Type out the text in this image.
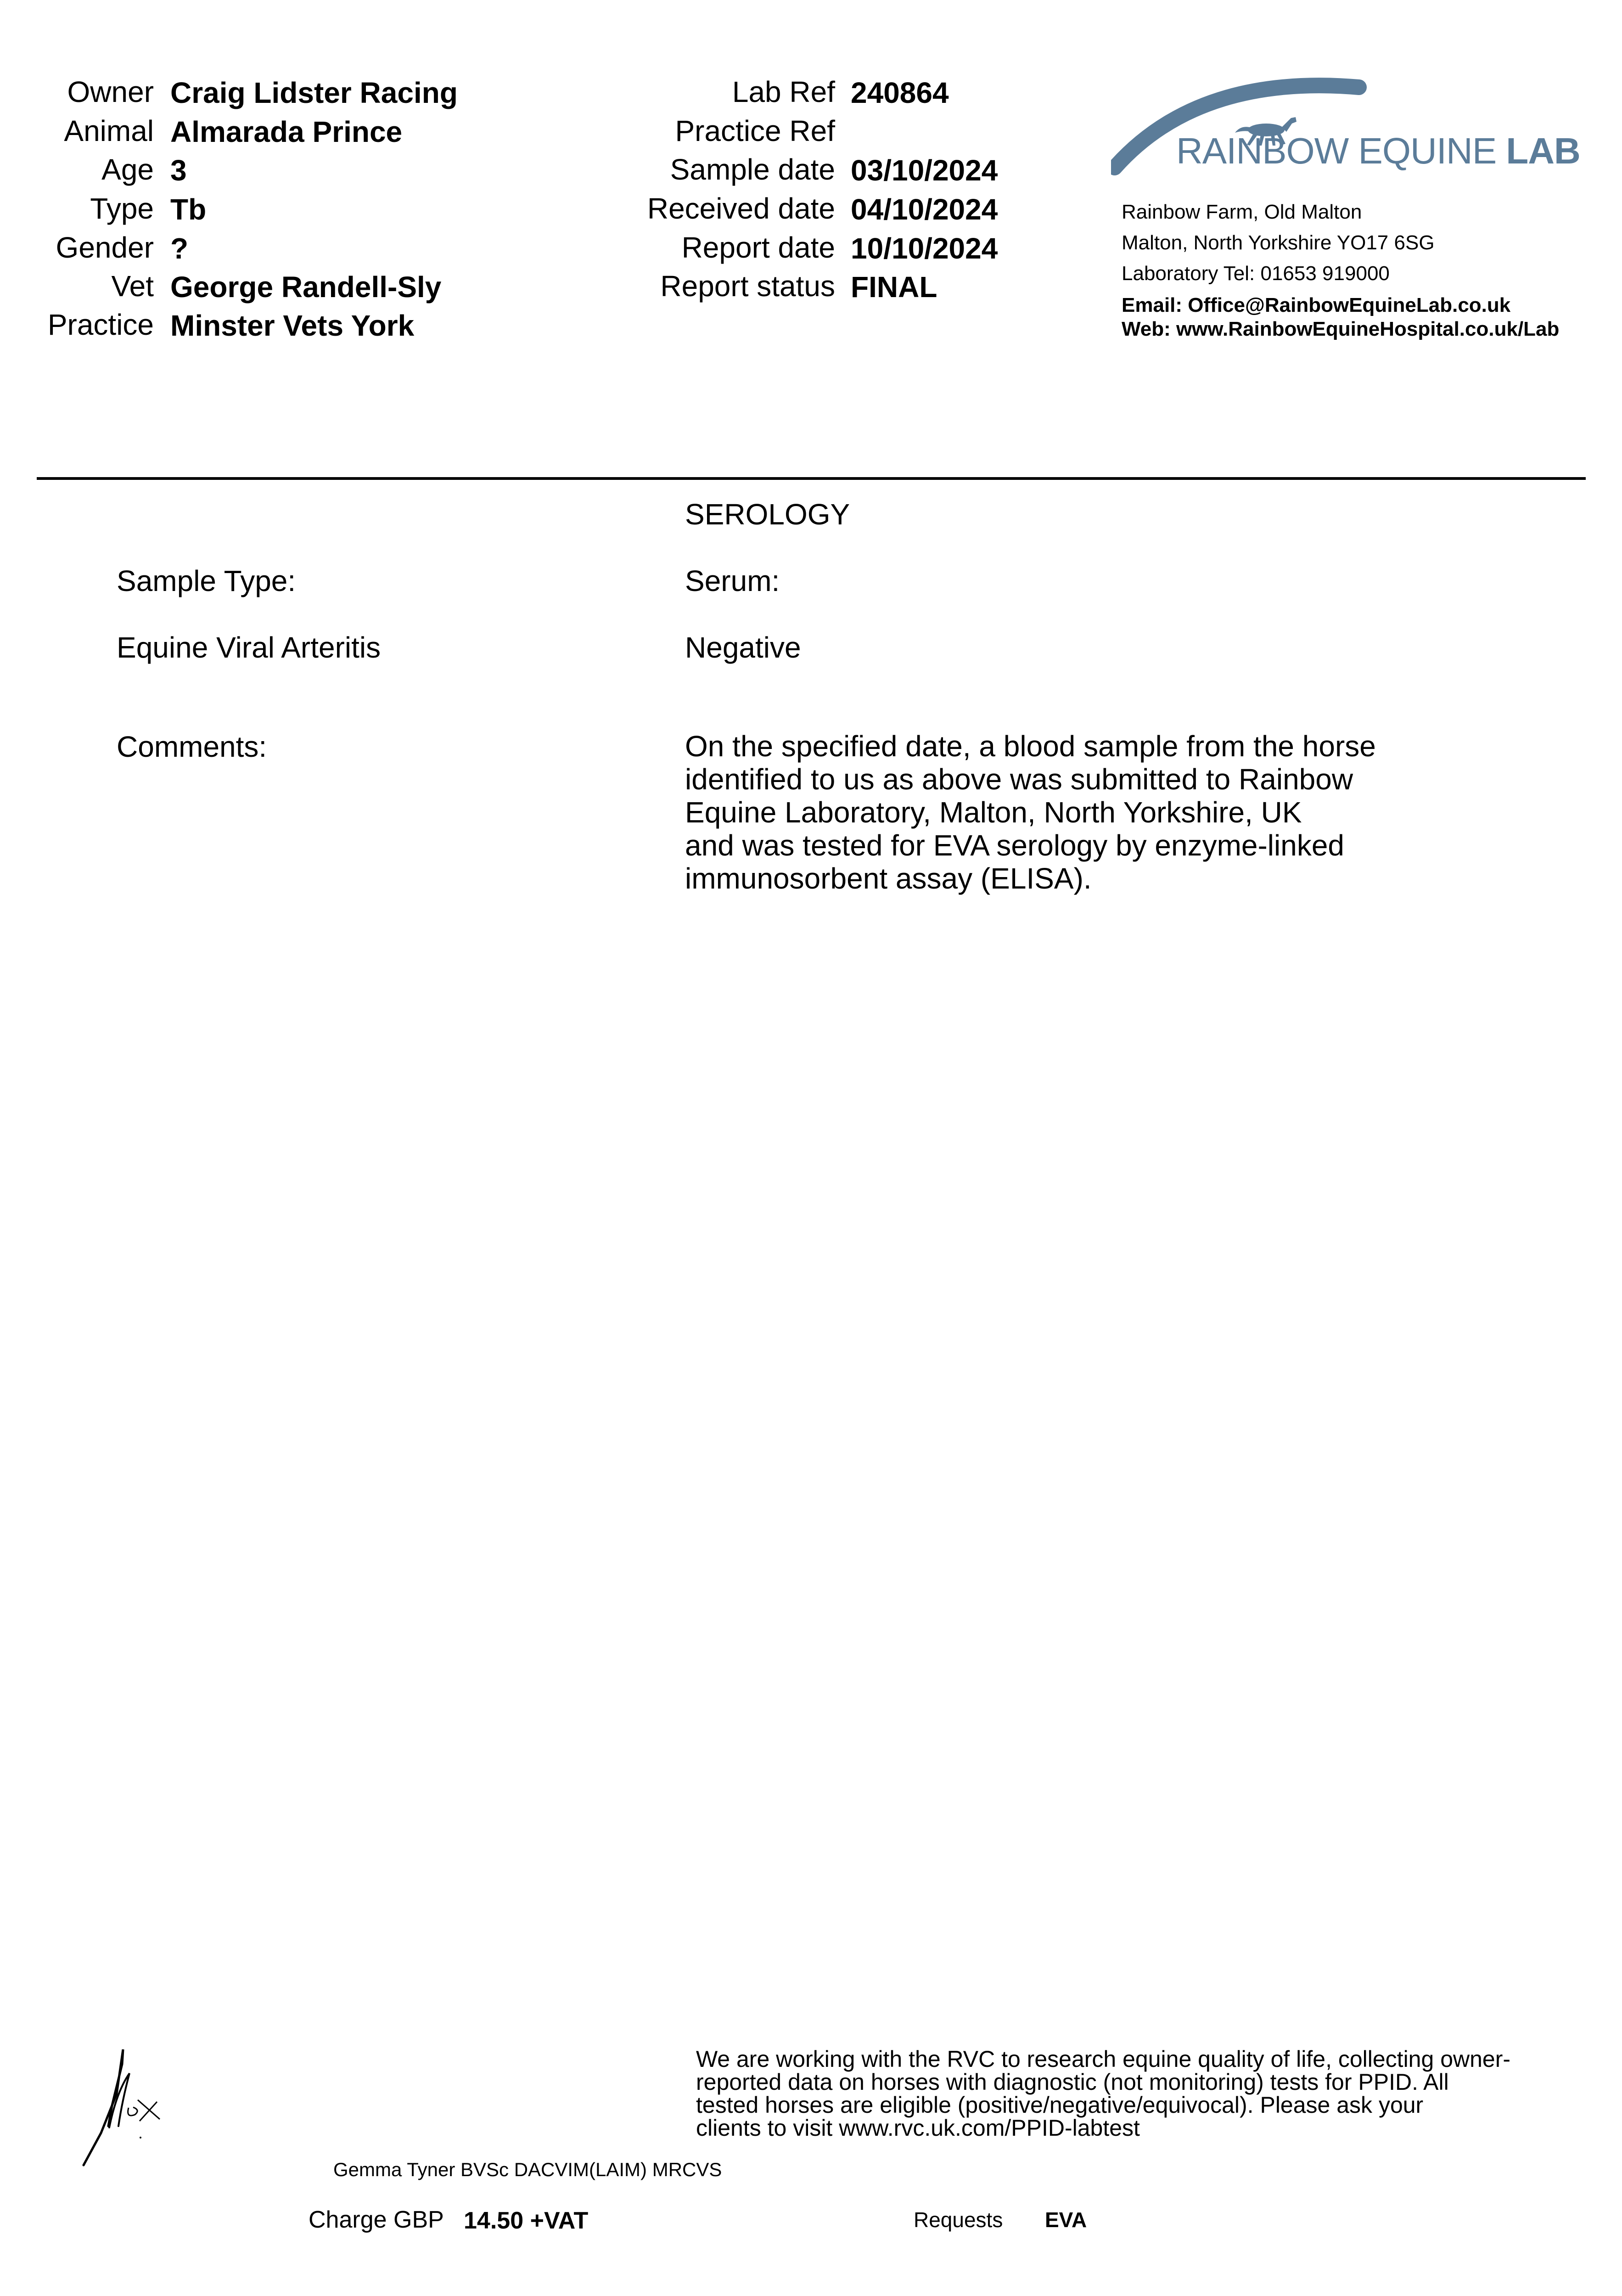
Owner Craig Lidster Racing
Animal Almarada Prince
Age 3
Type Tb
Gender ?
Vet George Randell-Sly
Practice Minster Vets York
Lab Ref 240864
Practice Ref
Sample date 03/10/2024
Received date 04/10/2024
Report date 10/10/2024
Report status FINAL
RAINBOW EQUINE LAB
Rainbow Farm, Old Malton
Malton, North Yorkshire YO17 6SG
Laboratory Tel: 01653 919000
Email: Office@RainbowEquineLab.co.uk
Web: www.RainbowEquineHospital.co.uk/Lab
SEROLOGY
Sample Type:	Serum:
Equine Viral Arteritis	Negative
Comments:	On the specified date, a blood sample from the horse
identified to us as above was submitted to Rainbow
Equine Laboratory, Malton, North Yorkshire, UK
and was tested for EVA serology by enzyme-linked
immunosorbent assay (ELISA).
We are working with the RVC to research equine quality of life, collecting owner-
reported data on horses with diagnostic (not monitoring) tests for PPID. All
tested horses are eligible (positive/negative/equivocal). Please ask your
clients to visit www.rvc.uk.com/PPID-labtest
Gemma Tyner BVSc DACVIM(LAIM) MRCVS
Charge GBP 14.50 +VAT	Requests EVA
